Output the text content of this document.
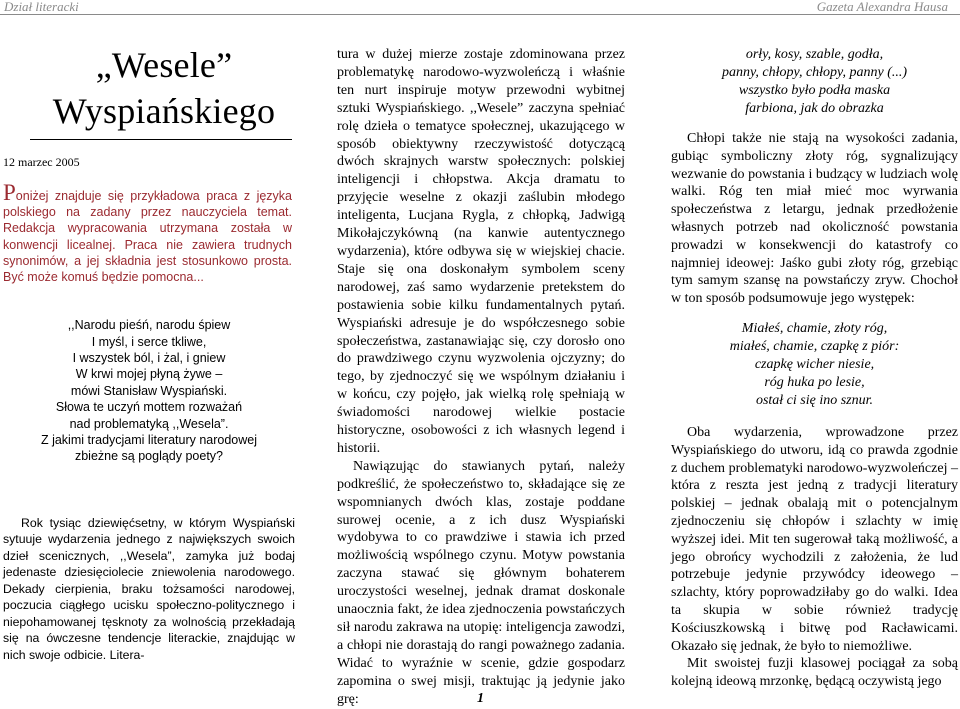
Dział literacki	Gazeta Alexandra Hausa
„Wesele”
Wyspiańskiego
12 marzec 2005
Poniżej znajduje się przykładowa praca z języka polskiego na zadany przez nauczyciela temat. Redakcja wypracowania utrzymana została w konwencji licealnej. Praca nie zawiera trudnych synonimów, a jej składnia jest stosunkowo prosta. Być może komuś będzie pomocna...
,,Narodu pieśń, narodu śpiew
I myśl, i serce tkliwe,
I wszystek ból, i żal, i gniew
W krwi mojej płyną żywe –
mówi Stanisław Wyspiański.
Słowa te uczyń mottem rozważań
nad problematyką ,,Wesela”.
Z jakimi tradycjami literatury narodowej
zbieżne są poglądy poety?
Rok tysiąc dziewięćsetny, w którym Wyspiański sytuuje wydarzenia jednego z największych swoich dzieł scenicznych, ,,Wesela”, zamyka już bodaj jedenaste dziesięciolecie zniewolenia narodowego. Dekady cierpienia, braku tożsamości narodowej, poczucia ciągłego ucisku społeczno-politycznego i niepohamowanej tęsknoty za wolnością przekładają się na ówczesne tendencje literackie, znajdując w nich swoje odbicie. Litera-

tura w dużej mierze zostaje zdominowana przez problematykę narodowo-wyzwoleńczą i właśnie ten nurt inspiruje motyw przewodni wybitnej sztuki Wyspiańskiego. ,,Wesele” zaczyna spełniać rolę dzieła o tematyce społecznej, ukazującego w sposób obiektywny rzeczywistość dotyczącą dwóch skrajnych warstw społecznych: polskiej inteligencji i chłopstwa. Akcja dramatu to przyjęcie weselne z okazji zaślubin młodego inteligenta, Lucjana Rygla, z chłopką, Jadwigą Mikołajczykówną (na kanwie autentycznego wydarzenia), które odbywa się w wiejskiej chacie. Staje się ona doskonałym symbolem sceny narodowej, zaś samo wydarzenie pretekstem do postawienia sobie kilku fundamentalnych pytań. Wyspiański adresuje je do współczesnego sobie społeczeństwa, zastanawiając się, czy dorosło ono do prawdziwego czynu wyzwolenia ojczyzny; do tego, by zjednoczyć się we wspólnym działaniu i w końcu, czy pojęło, jak wielką rolę spełniają w świadomości narodowej wielkie postacie historyczne, osobowości z ich własnych legend i historii.

Nawiązując do stawianych pytań, należy podkreślić, że społeczeństwo to, składające się ze wspomnianych dwóch klas, zostaje poddane surowej ocenie, a z ich dusz Wyspiański wydobywa to co prawdziwe i stawia ich przed możliwością wspólnego czynu. Motyw powstania zaczyna stawać się głównym bohaterem uroczystości weselnej, jednak dramat doskonale unaocznia fakt, że idea zjednoczenia powstańczych sił narodu zakrawa na utopię: inteligencja zawodzi, a chłopi nie dorastają do rangi poważnego zadania. Widać to wyraźnie w scenie, gdzie gospodarz zapomina o swej misji, traktując ją jedynie jako grę:

orły, kosy, szable, godła,
panny, chłopy, chłopy, panny (...)
wszystko było podła maska
farbiona, jak do obrazka

Chłopi także nie stają na wysokości zadania, gubiąc symboliczny złoty róg, sygnalizujący wezwanie do powstania i budzący w ludziach wolę walki. Róg ten miał mieć moc wyrwania społeczeństwa z letargu, jednak przedłożenie własnych potrzeb nad okoliczność powstania prowadzi w konsekwencji do katastrofy co najmniej ideowej: Jaśko gubi złoty róg, grzebiąc tym samym szansę na powstańczy zryw. Chochoł w ton sposób podsumowuje jego występek:

Miałeś, chamie, złoty róg,
miałeś, chamie, czapkę z piór:
czapkę wicher niesie,
róg huka po lesie,
ostał ci się ino sznur.

Oba wydarzenia, wprowadzone przez Wyspiańskiego do utworu, idą co prawda zgodnie z duchem problematyki narodowo-wyzwoleńczej – która z reszta jest jedną z tradycji literatury polskiej – jednak obalają mit o potencjalnym zjednoczeniu się chłopów i szlachty w imię wyższej idei. Mit ten sugerował taką możliwość, a jego obrońcy wychodzili z założenia, że lud potrzebuje jedynie przywódcy ideowego – szlachty, który poprowadziłaby go do walki. Idea ta skupia w sobie również tradycję Kościuszkowską i bitwę pod Racławicami. Okazało się jednak, że było to niemożliwe.

Mit swoistej fuzji klasowej pociągał za sobą kolejną ideową mrzonkę, będącą oczywistą jego

1
